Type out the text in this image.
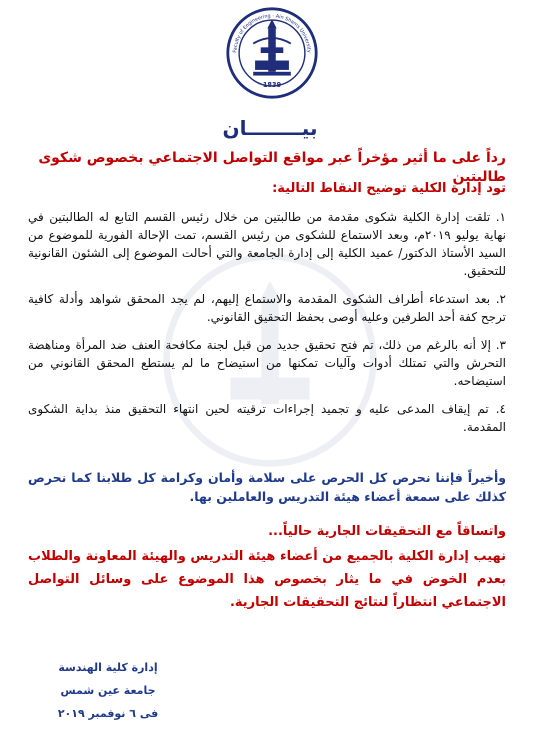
1839
Faculty of Engineering - Ain Shams University
بيــــــــان

رداً على ما أثير مؤخراً عبر مواقع التواصل الاجتماعي بخصوص شكوى طالبتين

تود إدارة الكلية توضيح النقاط التالية:

١. تلقت إدارة الكلية شكوى مقدمة من طالبتين من خلال رئيس القسم التابع له الطالبتين في نهاية يوليو ٢٠١٩م، وبعد الاستماع للشكوى من رئيس القسم، تمت الإحالة الفورية للموضوع من السيد الأستاذ الدكتور/ عميد الكلية إلى إدارة الجامعة والتي أحالت الموضوع إلى الشئون القانونية للتحقيق.

٢. بعد استدعاء أطراف الشكوى المقدمة والاستماع إليهم، لم يجد المحقق شواهد وأدلة كافية ترجح كفة أحد الطرفين وعليه أوصى بحفظ التحقيق القانوني.

٣. إلا أنه بالرغم من ذلك، تم فتح تحقيق جديد من قبل لجنة مكافحة العنف ضد المرأة ومناهضة التحرش والتي تمتلك أدوات وآليات تمكنها من استيضاح ما لم يستطع المحقق القانوني من استيضاحه.

٤. تم إيقاف المدعى عليه و تجميد إجراءات ترقيته لحين انتهاء التحقيق منذ بداية الشكوى المقدمة.

وأخيراً فإننا نحرص كل الحرص على سلامة وأمان وكرامة كل طلابنا كما نحرص كذلك على سمعة أعضاء هيئة التدريس والعاملين بها.

واتساقاً مع التحقيقات الجارية حالياً...

نهيب إدارة الكلية بالجميع من أعضاء هيئة التدريس والهيئة المعاونة والطلاب بعدم الخوض في ما يثار بخصوص هذا الموضوع على وسائل التواصل الاجتماعي انتظاراً لنتائج التحقيقات الجارية.

إدارة كلية الهندسة
جامعة عين شمس
فى ٦ نوفمبر ٢٠١٩
